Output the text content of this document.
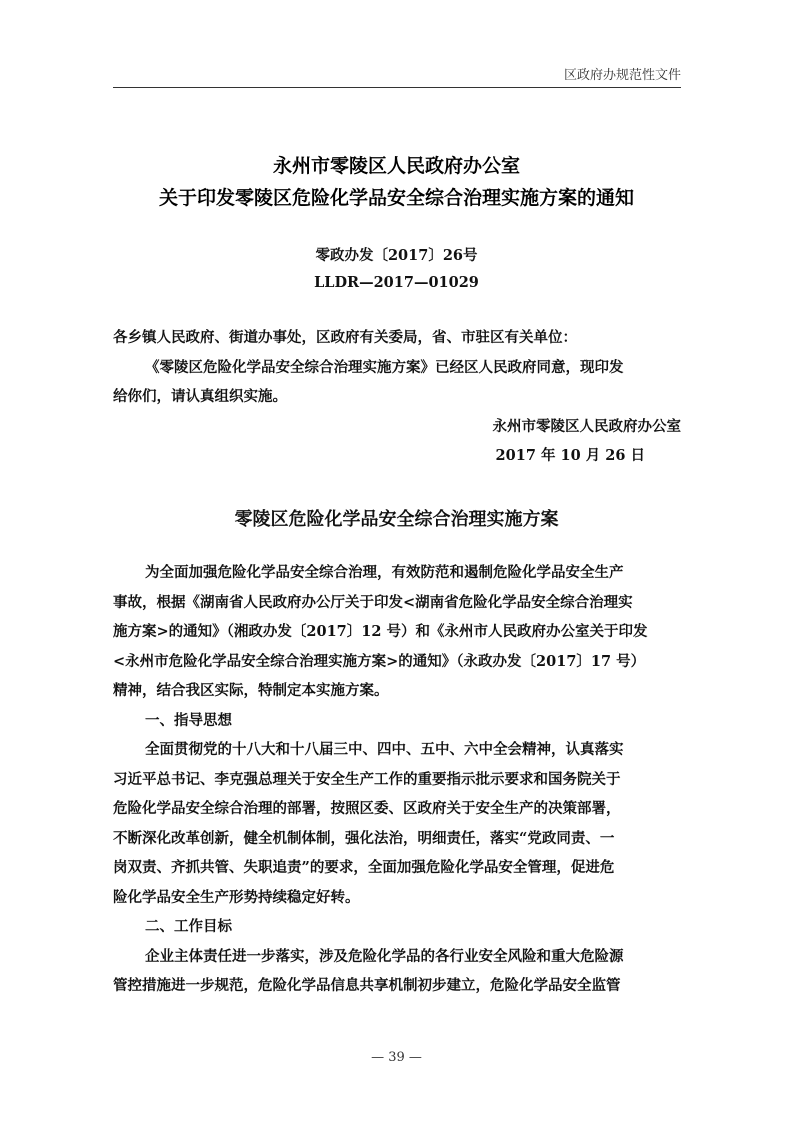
区政府办规范性文件
永州市零陵区人民政府办公室
关于印发零陵区危险化学品安全综合治理实施方案的通知
零政办发〔2017〕26号
LLDR—2017—01029
各乡镇人民政府、街道办事处，区政府有关委局，省、市驻区有关单位：
《零陵区危险化学品安全综合治理实施方案》已经区人民政府同意，现印发
给你们，请认真组织实施。
永州市零陵区人民政府办公室
2017 年 10 月 26 日
零陵区危险化学品安全综合治理实施方案
为全面加强危险化学品安全综合治理，有效防范和遏制危险化学品安全生产
事故，根据《湖南省人民政府办公厅关于印发<湖南省危险化学品安全综合治理实
施方案>的通知》（湘政办发〔2017〕12 号）和《永州市人民政府办公室关于印发
<永州市危险化学品安全综合治理实施方案>的通知》（永政办发〔2017〕17 号）
精神，结合我区实际，特制定本实施方案。
一、指导思想
全面贯彻党的十八大和十八届三中、四中、五中、六中全会精神，认真落实
习近平总书记、李克强总理关于安全生产工作的重要指示批示要求和国务院关于
危险化学品安全综合治理的部署，按照区委、区政府关于安全生产的决策部署，
不断深化改革创新，健全机制体制，强化法治，明细责任，落实“党政同责、一
岗双责、齐抓共管、失职追责”的要求，全面加强危险化学品安全管理，促进危
险化学品安全生产形势持续稳定好转。
二、工作目标
企业主体责任进一步落实，涉及危险化学品的各行业安全风险和重大危险源
管控措施进一步规范，危险化学品信息共享机制初步建立，危险化学品安全监管
— 39 —
